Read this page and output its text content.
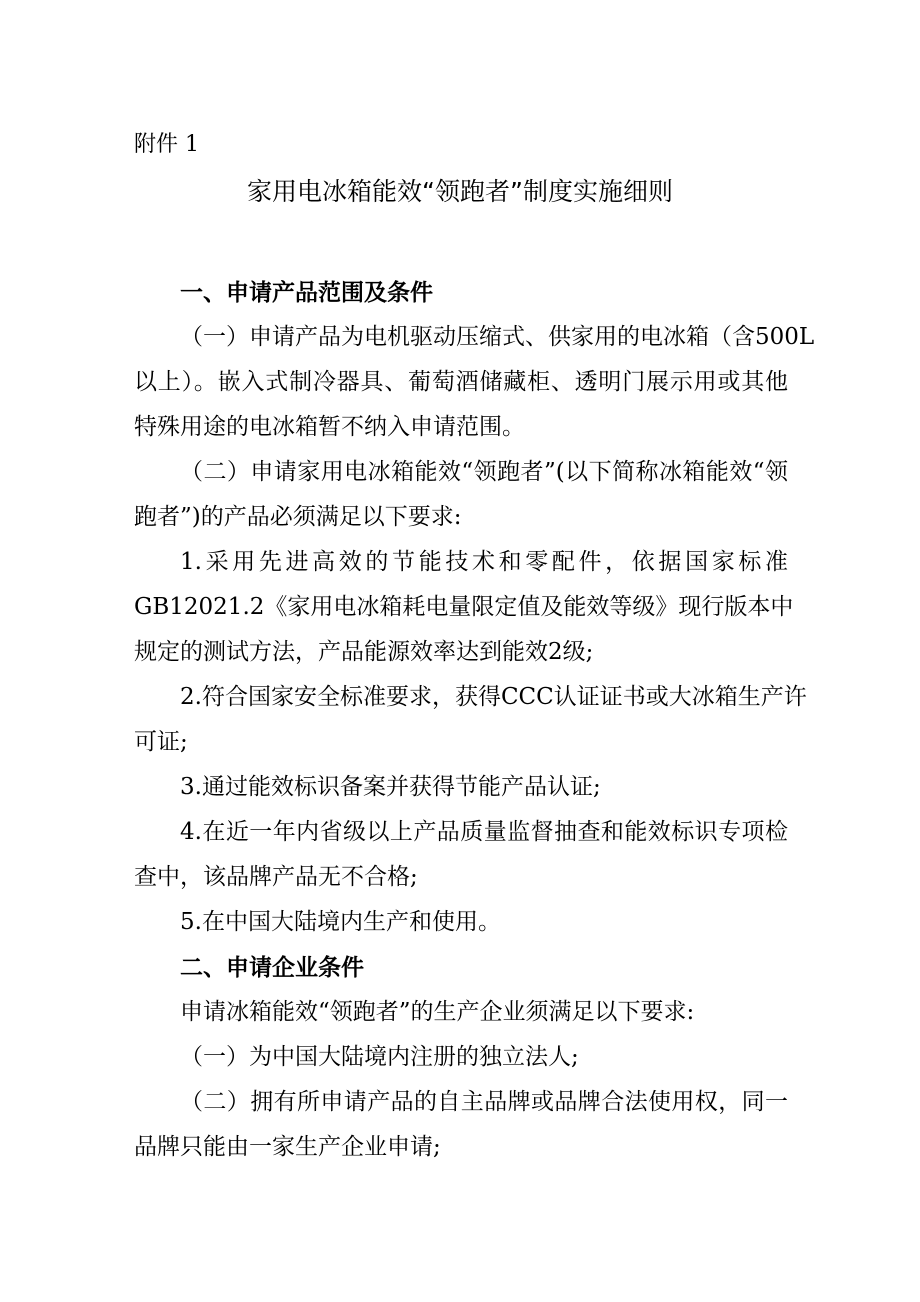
附件 1
家用电冰箱能效“领跑者”制度实施细则
一、申请产品范围及条件
（一）申请产品为电机驱动压缩式、供家用的电冰箱（含500L
以上）。嵌入式制冷器具、葡萄酒储藏柜、透明门展示用或其他
特殊用途的电冰箱暂不纳入申请范围。
（二）申请家用电冰箱能效“领跑者”(以下简称冰箱能效“领
跑者”)的产品必须满足以下要求:
1.采用先进高效的节能技术和零配件，依据国家标准
GB12021.2《家用电冰箱耗电量限定值及能效等级》现行版本中
规定的测试方法，产品能源效率达到能效2级;
2.符合国家安全标准要求，获得CCC认证证书或大冰箱生产许
可证;
3.通过能效标识备案并获得节能产品认证;
4.在近一年内省级以上产品质量监督抽查和能效标识专项检
查中，该品牌产品无不合格;
5.在中国大陆境内生产和使用。
二、申请企业条件
申请冰箱能效“领跑者”的生产企业须满足以下要求:
（一）为中国大陆境内注册的独立法人;
（二）拥有所申请产品的自主品牌或品牌合法使用权，同一
品牌只能由一家生产企业申请;
